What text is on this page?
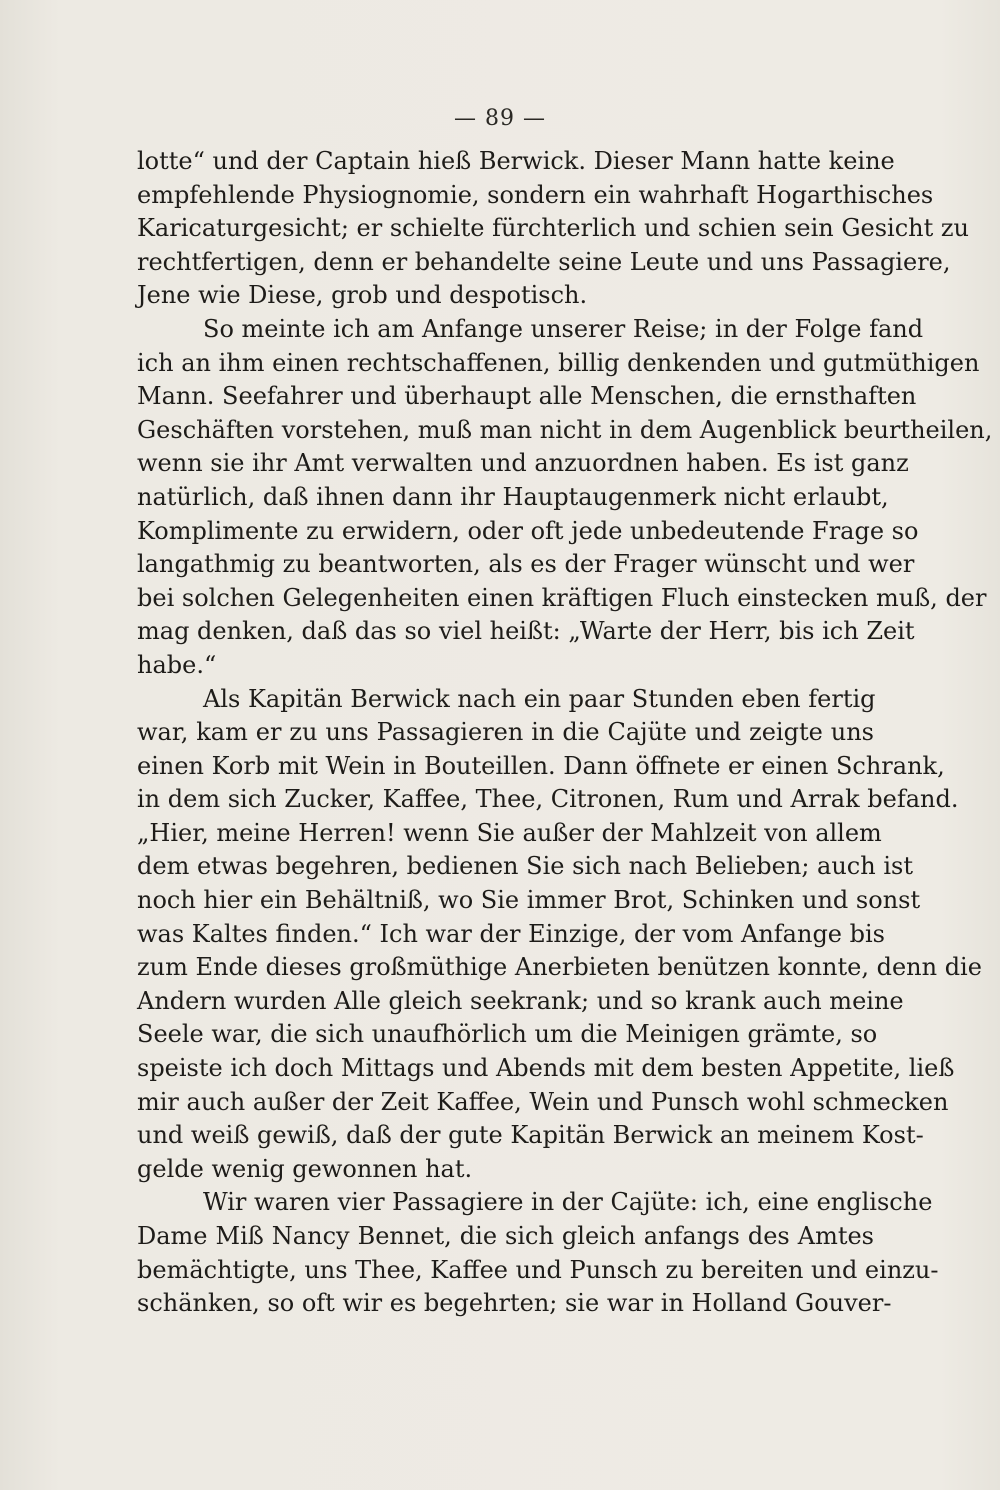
— 89 —
lotte“ und der Captain hieß Berwick. Dieser Mann hatte keine
empfehlende Physiognomie, sondern ein wahrhaft Hogarthisches
Karicaturgesicht; er schielte fürchterlich und schien sein Gesicht zu
rechtfertigen, denn er behandelte seine Leute und uns Passagiere,
Jene wie Diese, grob und despotisch.
So meinte ich am Anfange unserer Reise; in der Folge fand
ich an ihm einen rechtschaffenen, billig denkenden und gutmüthigen
Mann. Seefahrer und überhaupt alle Menschen, die ernsthaften
Geschäften vorstehen, muß man nicht in dem Augenblick beurtheilen,
wenn sie ihr Amt verwalten und anzuordnen haben. Es ist ganz
natürlich, daß ihnen dann ihr Hauptaugenmerk nicht erlaubt,
Komplimente zu erwidern, oder oft jede unbedeutende Frage so
langathmig zu beantworten, als es der Frager wünscht und wer
bei solchen Gelegenheiten einen kräftigen Fluch einstecken muß, der
mag denken, daß das so viel heißt: „Warte der Herr, bis ich Zeit
habe.“
Als Kapitän Berwick nach ein paar Stunden eben fertig
war, kam er zu uns Passagieren in die Cajüte und zeigte uns
einen Korb mit Wein in Bouteillen. Dann öffnete er einen Schrank,
in dem sich Zucker, Kaffee, Thee, Citronen, Rum und Arrak befand.
„Hier, meine Herren! wenn Sie außer der Mahlzeit von allem
dem etwas begehren, bedienen Sie sich nach Belieben; auch ist
noch hier ein Behältniß, wo Sie immer Brot, Schinken und sonst
was Kaltes finden.“ Ich war der Einzige, der vom Anfange bis
zum Ende dieses großmüthige Anerbieten benützen konnte, denn die
Andern wurden Alle gleich seekrank; und so krank auch meine
Seele war, die sich unaufhörlich um die Meinigen grämte, so
speiste ich doch Mittags und Abends mit dem besten Appetite, ließ
mir auch außer der Zeit Kaffee, Wein und Punsch wohl schmecken
und weiß gewiß, daß der gute Kapitän Berwick an meinem Kost-
gelde wenig gewonnen hat.
Wir waren vier Passagiere in der Cajüte: ich, eine englische
Dame Miß Nancy Bennet, die sich gleich anfangs des Amtes
bemächtigte, uns Thee, Kaffee und Punsch zu bereiten und einzu-
schänken, so oft wir es begehrten; sie war in Holland Gouver-
